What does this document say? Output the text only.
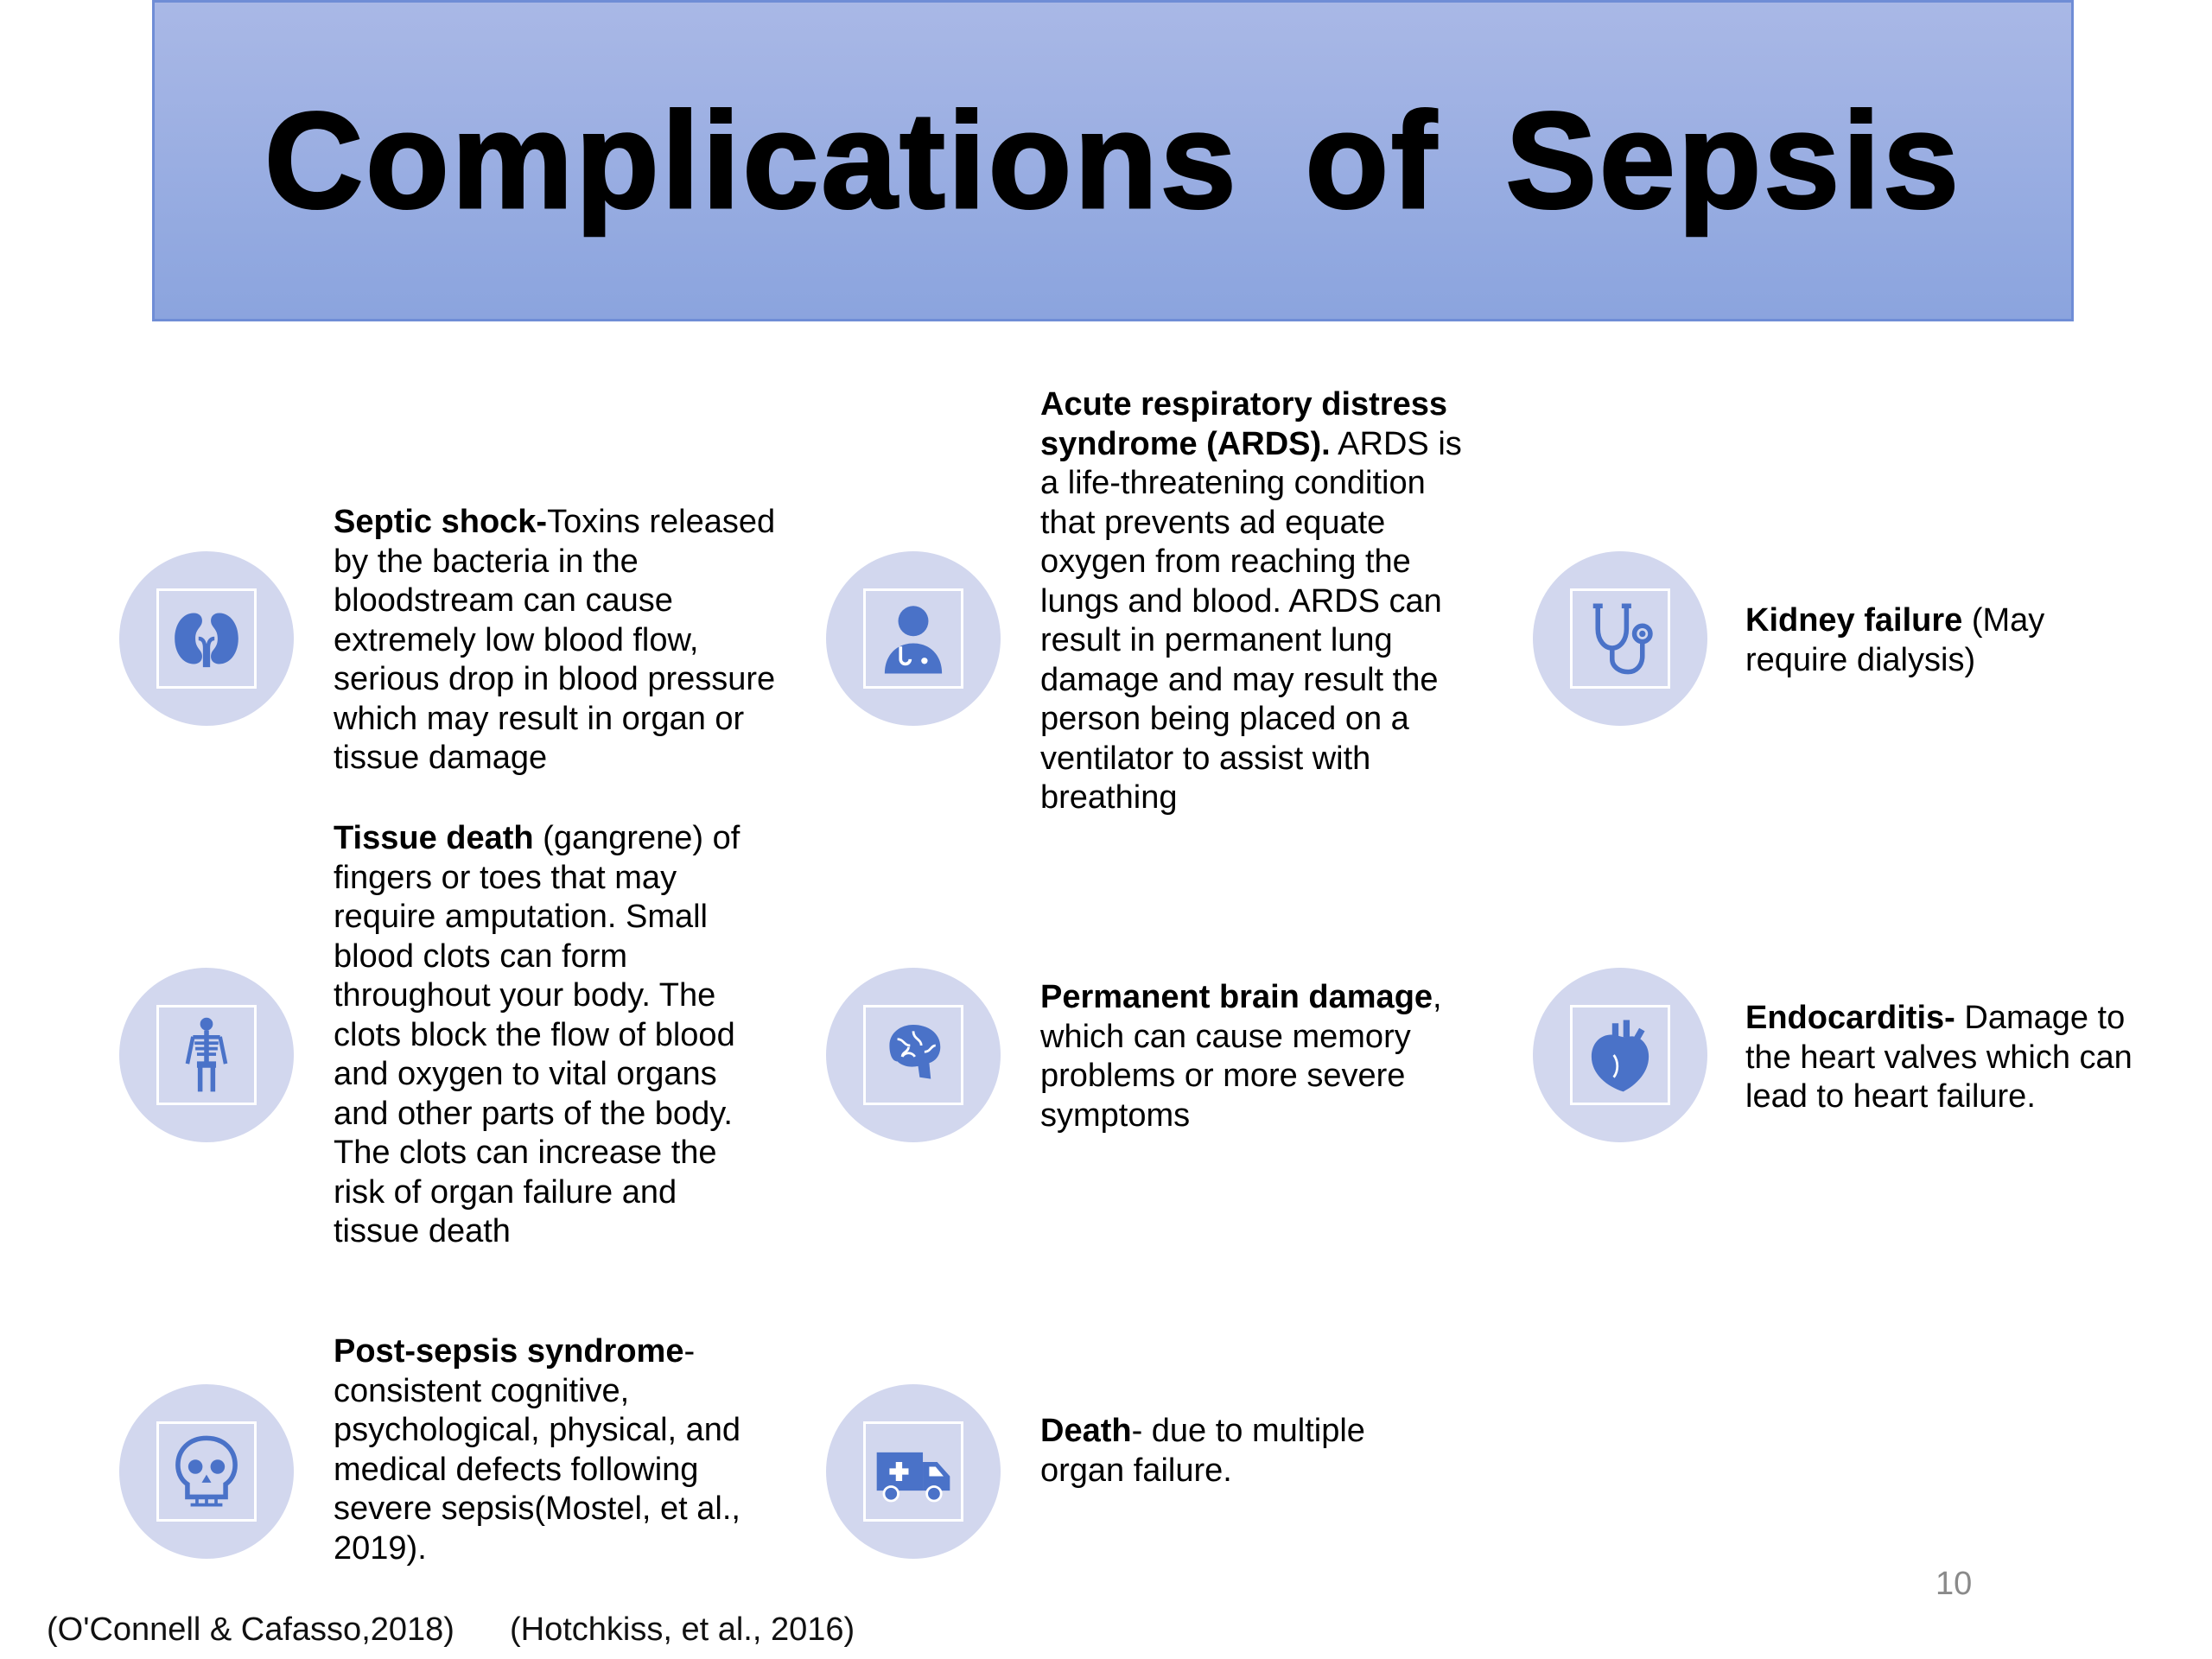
Complications of Sepsis
Septic shock-Toxins released by the bacteria in the bloodstream can cause extremely low blood flow, serious drop in blood pressure which may result in organ or tissue damage
Tissue death (gangrene) of fingers or toes that may require amputation. Small blood clots can form throughout your body. The clots block the flow of blood and oxygen to vital organs and other parts of the body. The clots can increase the risk of organ failure and tissue death
Post-sepsis syndrome-consistent cognitive, psychological, physical, and medical defects following severe sepsis(Mostel, et al., 2019).
Acute respiratory distress syndrome (ARDS). ARDS is a life-threatening condition that prevents ad equate oxygen from reaching the lungs and blood. ARDS can result in permanent lung damage and may result the person being placed on a ventilator to assist with breathing
Permanent brain damage, which can cause memory problems or more severe symptoms
Death- due to multiple organ failure.
Kidney failure (May require dialysis)
Endocarditis- Damage to the heart valves which can lead to heart failure.
(O'Connell & Cafasso,2018) (Hotchkiss, et al., 2016)
10
